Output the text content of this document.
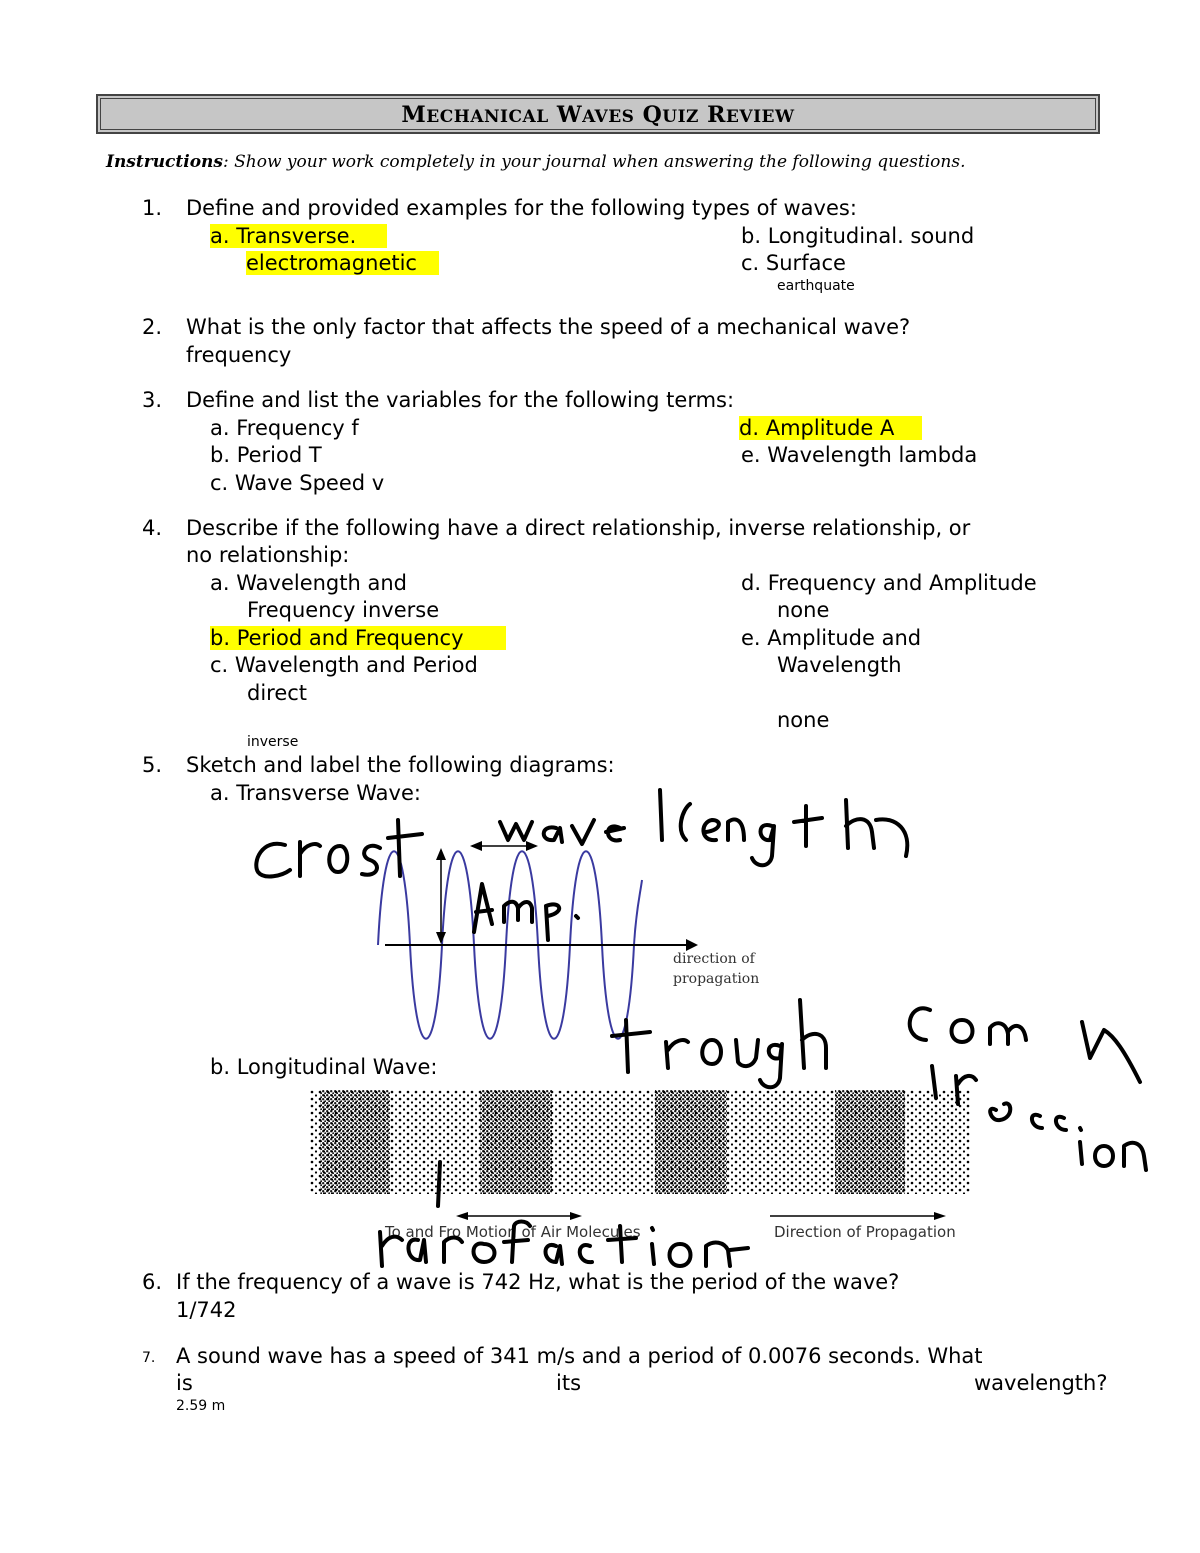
MECHANICAL WAVES QUIZ REVIEW
Instructions: Show your work completely in your journal when answering the following questions.
1. Define and provided examples for the following types of waves:
a. Transverse.
electromagnetic
b. Longitudinal. sound
c. Surface
earthquate
2. What is the only factor that affects the speed of a mechanical wave?
frequency
3. Define and list the variables for the following terms:
a. Frequency f
b. Period T
c. Wave Speed v
d. Amplitude A
e. Wavelength lambda
4. Describe if the following have a direct relationship, inverse relationship, or
no relationship:
a. Wavelength and
Frequency inverse
b. Period and Frequency
c. Wavelength and Period
direct
inverse
d. Frequency and Amplitude
none
e. Amplitude and
Wavelength
none
5. Sketch and label the following diagrams:
a. Transverse Wave:
direction of
propagation
b. Longitudinal Wave:
To and Fro Motion of Air Molecules	Direction of Propagation
6. If the frequency of a wave is 742 Hz, what is the period of the wave?
1/742
7. A sound wave has a speed of 341 m/s and a period of 0.0076 seconds. What
is	its	wavelength?
2.59 m
